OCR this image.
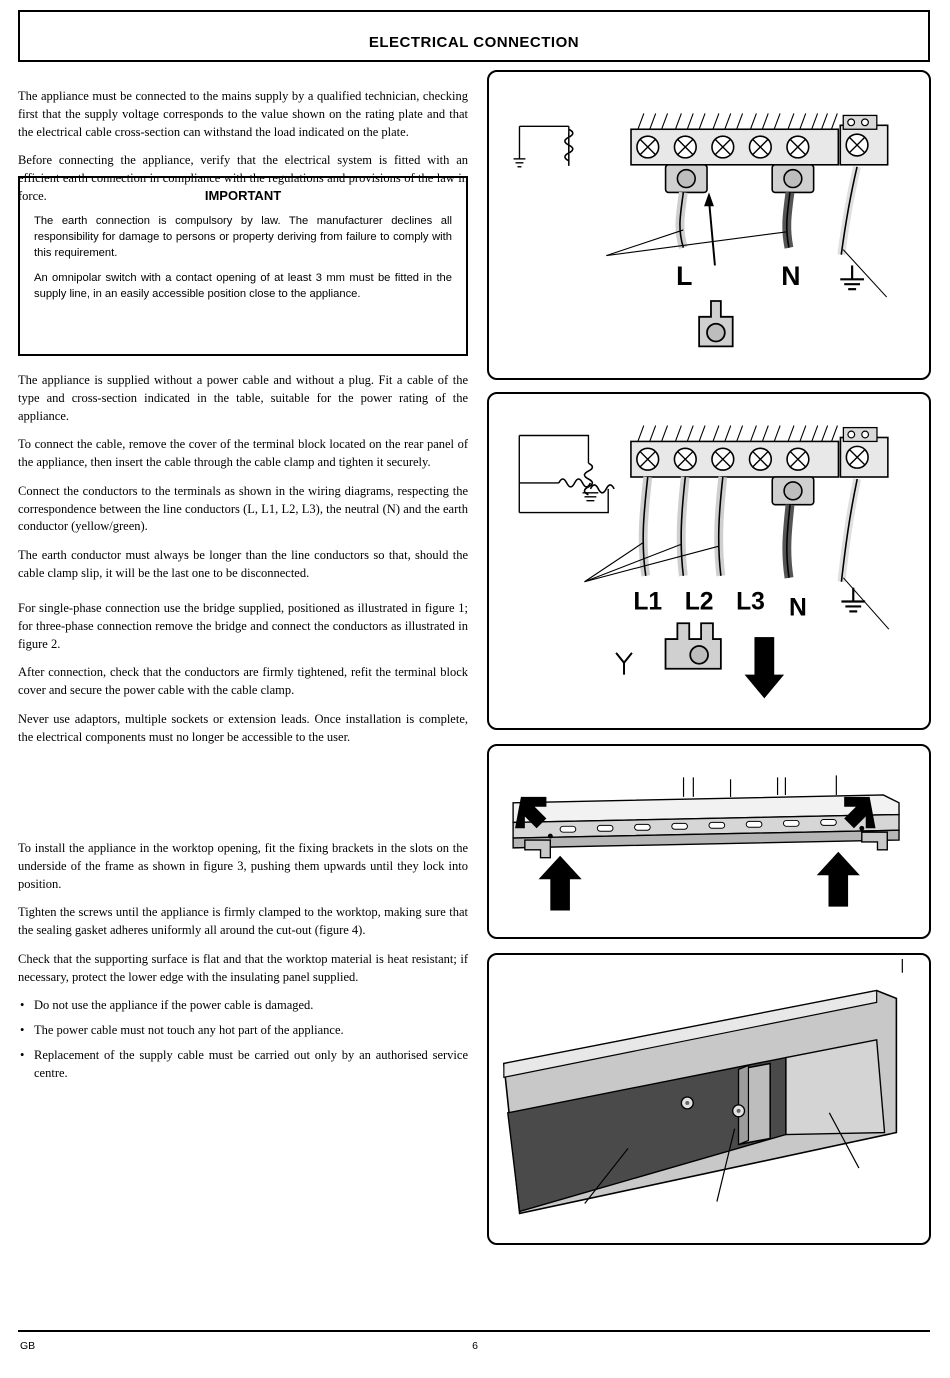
ELECTRICAL CONNECTION

The appliance must be connected to the mains supply by a qualified technician, checking first that the supply voltage corresponds to the value shown on the rating plate and that the electrical cable cross-section can withstand the load indicated on the plate.

Before connecting the appliance, verify that the electrical system is fitted with an efficient earth connection in compliance with the regulations and provisions of the law in force.	IMPORTANT

The earth connection is compulsory by law. The manufacturer declines all responsibility for damage to persons or property deriving from failure to comply with this requirement.

An omnipolar switch with a contact opening of at least 3 mm must be fitted in the supply line, in an easily accessible position close to the appliance.

The appliance is supplied without a power cable and without a plug. Fit a cable of the type and cross-section indicated in the table, suitable for the power rating of the appliance.

To connect the cable, remove the cover of the terminal block located on the rear panel of the appliance, then insert the cable through the cable clamp and tighten it securely.

Connect the conductors to the terminals as shown in the wiring diagrams, respecting the correspondence between the line conductors (L, L1, L2, L3), the neutral (N) and the earth conductor (yellow/green).

The earth conductor must always be longer than the line conductors so that, should the cable clamp slip, it will be the last one to be disconnected.

For single-phase connection use the bridge supplied, positioned as illustrated in figure 1; for three-phase connection remove the bridge and connect the conductors as illustrated in figure 2.

After connection, check that the conductors are firmly tightened, refit the terminal block cover and secure the power cable with the cable clamp.

Never use adaptors, multiple sockets or extension leads. Once installation is complete, the electrical components must no longer be accessible to the user.

To install the appliance in the worktop opening, fit the fixing brackets in the slots on the underside of the frame as shown in figure 3, pushing them upwards until they lock into position.

Tighten the screws until the appliance is firmly clamped to the worktop, making sure that the sealing gasket adheres uniformly all around the cut-out (figure 4).

Check that the supporting surface is flat and that the worktop material is heat resistant; if necessary, protect the lower edge with the insulating panel supplied.

• Do not use the appliance if the power cable is damaged.
• The power cable must not touch any hot part of the appliance.
• Replacement of the supply cable must be carried out only by an authorised service centre.
L	N
L1 L2 L3 N
GB	6
